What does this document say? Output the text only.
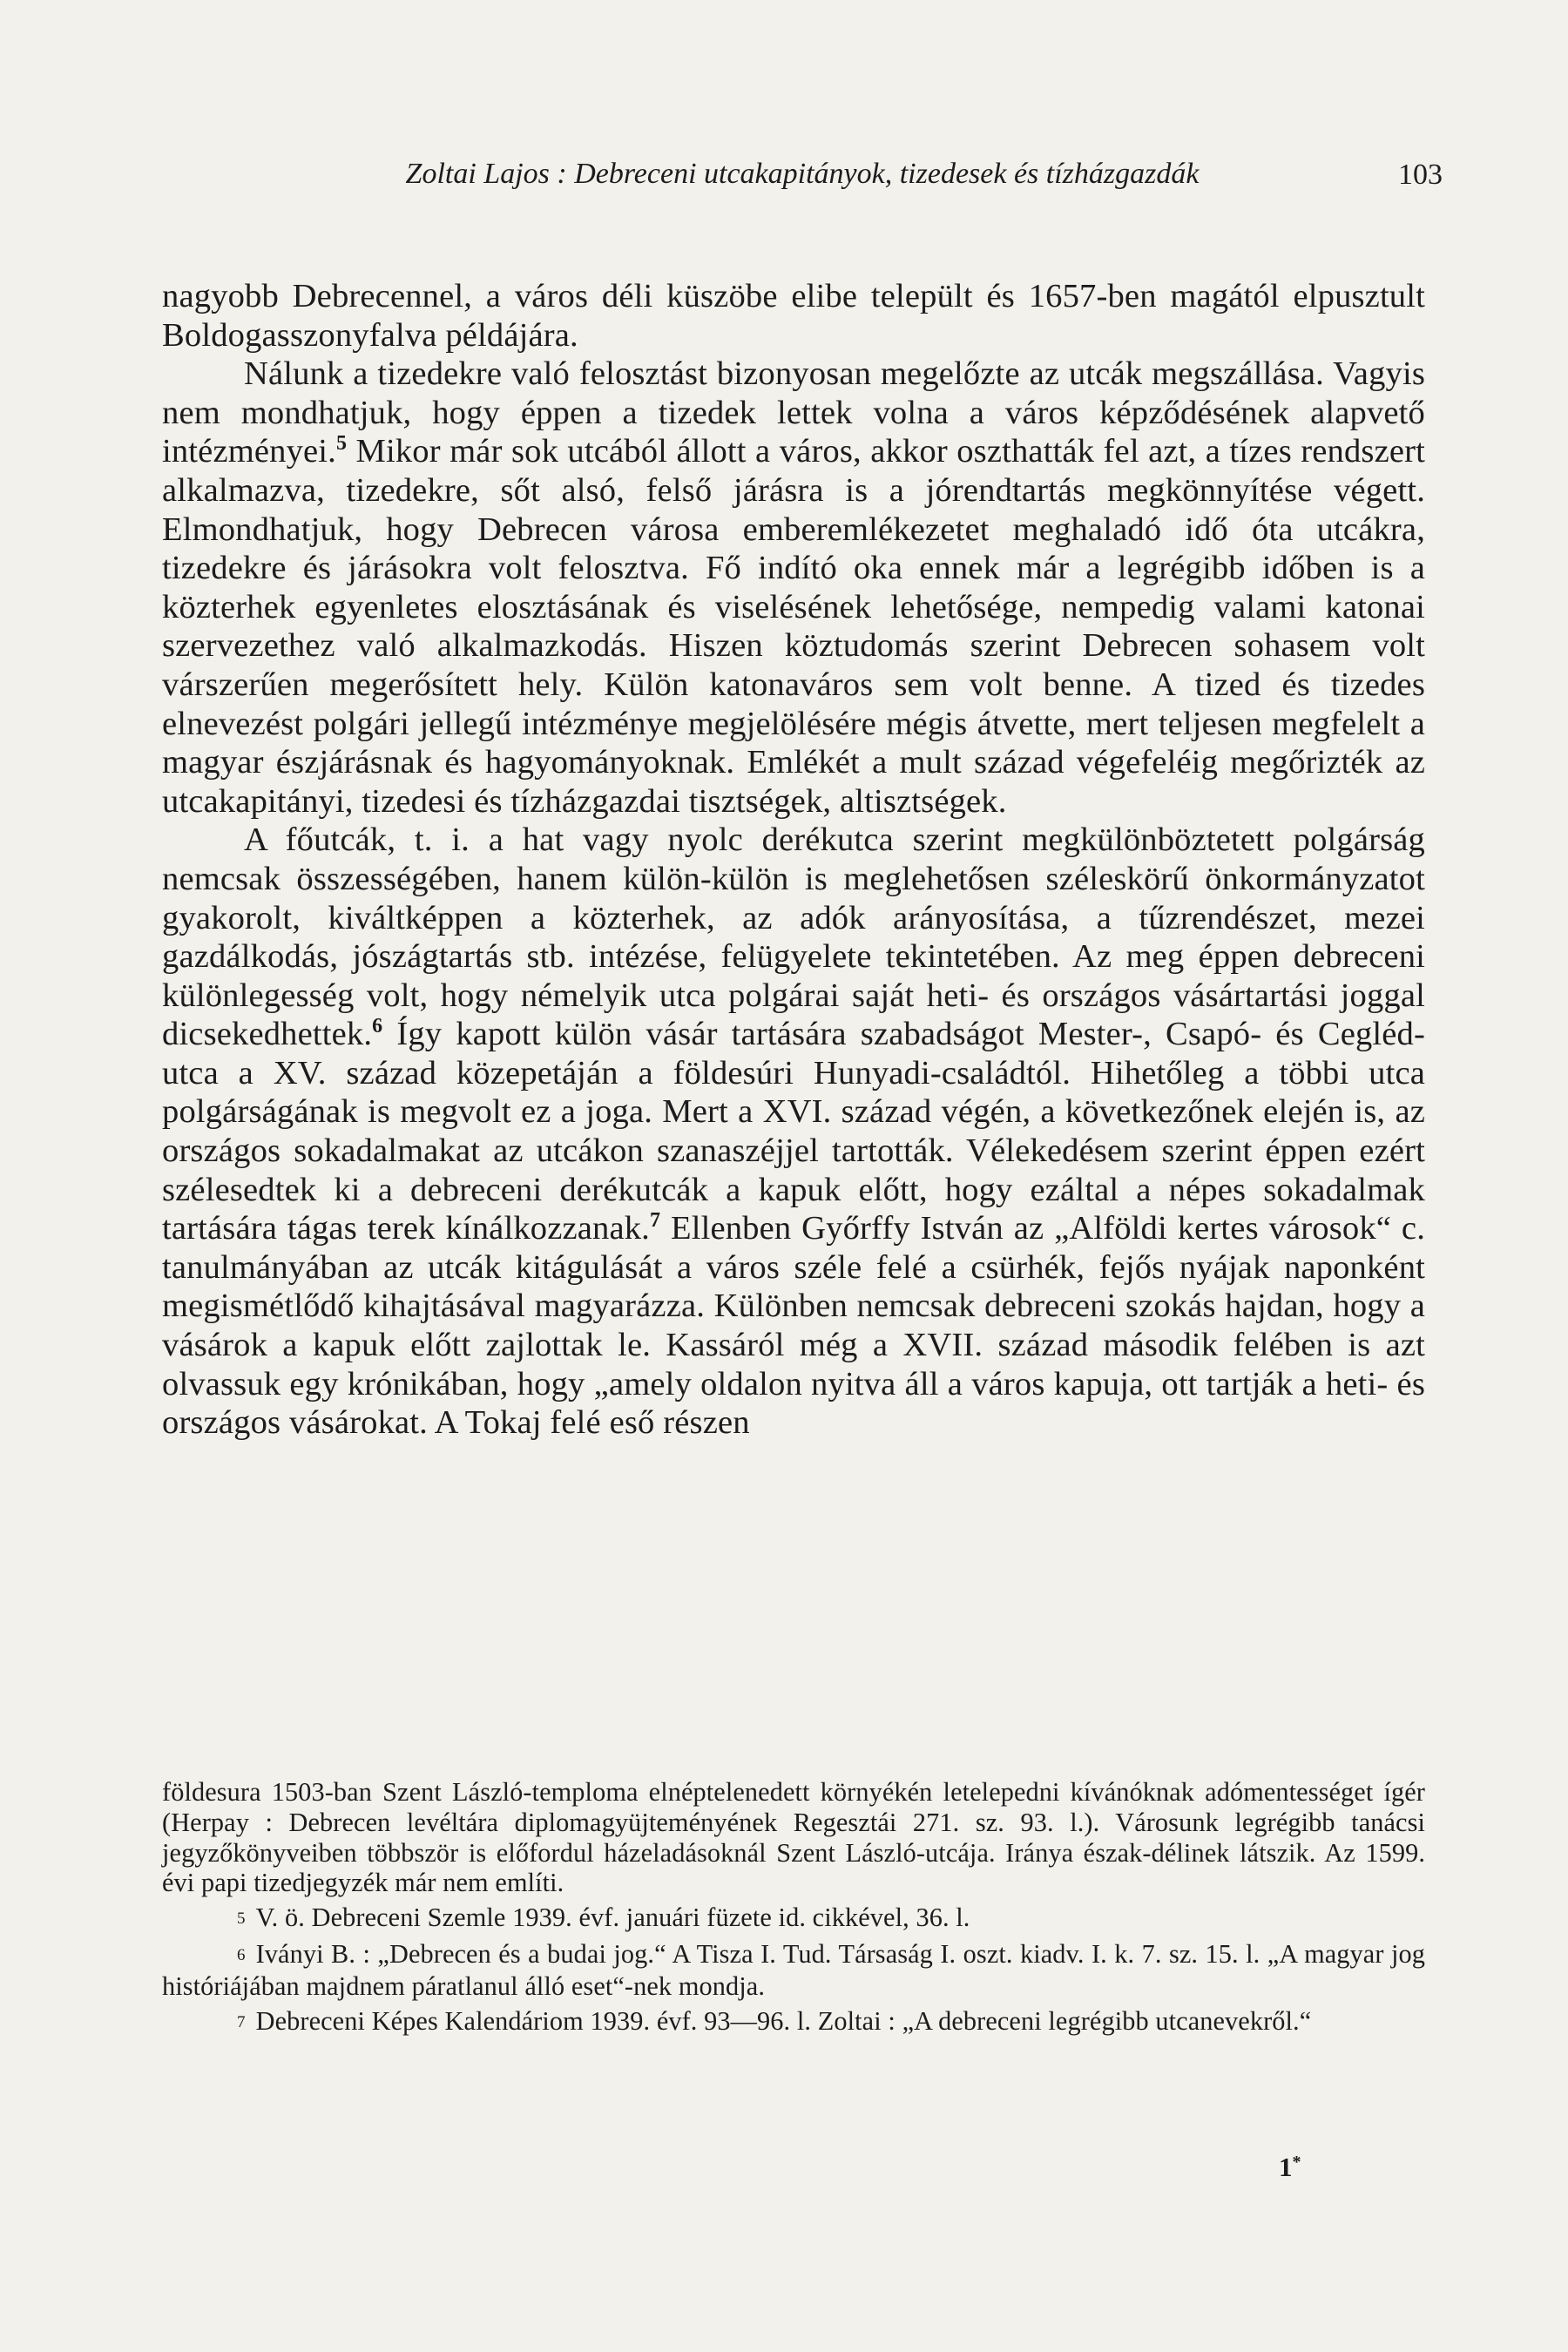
Zoltai Lajos : Debreceni utcakapitányok, tizedesek és tízházgazdák	103

nagyobb Debrecennel, a város déli küszöbe elibe települt és 1657-ben magától elpusztult Boldogasszonyfalva példájára.

Nálunk a tizedekre való felosztást bizonyosan megelőzte az utcák megszállása. Vagyis nem mondhatjuk, hogy éppen a tizedek lettek volna a város képződésének alapvető intézményei.$^5$ Mikor már sok utcából állott a város, akkor oszthatták fel azt, a tízes rendszert alkalmazva, tizedekre, sőt alsó, felső járásra is a jórendtartás megkönnyítése végett. Elmondhatjuk, hogy Debrecen városa emberemlékezetet meghaladó idő óta utcákra, tizedekre és járásokra volt felosztva. Fő indító oka ennek már a legrégibb időben is a közterhek egyenletes elosztásának és viselésének lehetősége, nempedig valami katonai szervezethez való alkalmazkodás. Hiszen köztudomás szerint Debrecen sohasem volt várszerűen megerősített hely. Külön katonaváros sem volt benne. A tized és tizedes elnevezést polgári jellegű intézménye megjelölésére mégis átvette, mert teljesen megfelelt a magyar észjárásnak és hagyományoknak. Emlékét a mult század végefeléig megőrizték az utcakapitányi, tizedesi és tízházgazdai tisztségek, altisztségek.

A főutcák, t. i. a hat vagy nyolc derékutca szerint megkülönböztetett polgárság nemcsak összességében, hanem külön-külön is meglehetősen széleskörű önkormányzatot gyakorolt, kiváltképpen a közterhek, az adók arányosítása, a tűzrendészet, mezei gazdálkodás, jószágtartás stb. intézése, felügyelete tekintetében. Az meg éppen debreceni különlegesség volt, hogy némelyik utca polgárai saját heti- és országos vásártartási joggal dicsekedhettek.$^6$ Így kapott külön vásár tartására szabadságot Mester-, Csapó- és Cegléd-utca a XV. század közepetáján a földesúri Hunyadi-családtól. Hihetőleg a többi utca polgárságának is megvolt ez a joga. Mert a XVI. század végén, a következőnek elején is, az országos sokadalmakat az utcákon szanaszéjjel tartották. Vélekedésem szerint éppen ezért szélesedtek ki a debreceni derékutcák a kapuk előtt, hogy ezáltal a népes sokadalmak tartására tágas terek kínálkozzanak.$^7$ Ellenben Győrffy István az „Alföldi kertes városok“ c. tanulmányában az utcák kitágulását a város széle felé a csürhék, fejős nyájak naponként megismétlődő kihajtásával magyarázza. Különben nemcsak debreceni szokás hajdan, hogy a vásárok a kapuk előtt zajlottak le. Kassáról még a XVII. század második felében is azt olvassuk egy krónikában, hogy „amely oldalon nyitva áll a város kapuja, ott tartják a heti- és országos vásárokat. A Tokaj felé eső részen

földesura 1503-ban Szent László-temploma elnéptelenedett környékén letelepedni kívánóknak adómentességet ígér (Herpay : Debrecen levéltára diplomagyüjteményének Regesztái 271. sz. 93. l.). Városunk legrégibb tanácsi jegyzőkönyveiben többször is előfordul házeladásoknál Szent László-utcája. Iránya észak-délinek látszik. Az 1599. évi papi tizedjegyzék már nem említi.

5 V. ö. Debreceni Szemle 1939. évf. januári füzete id. cikkével, 36. l.

6 Iványi B. : „Debrecen és a budai jog.“ A Tisza I. Tud. Társaság I. oszt. kiadv. I. k. 7. sz. 15. l. „A magyar jog históriájában majdnem páratlanul álló eset“-nek mondja.

7 Debreceni Képes Kalendáriom 1939. évf. 93—96. l. Zoltai : „A debreceni legrégibb utcanevekről.“

1*
